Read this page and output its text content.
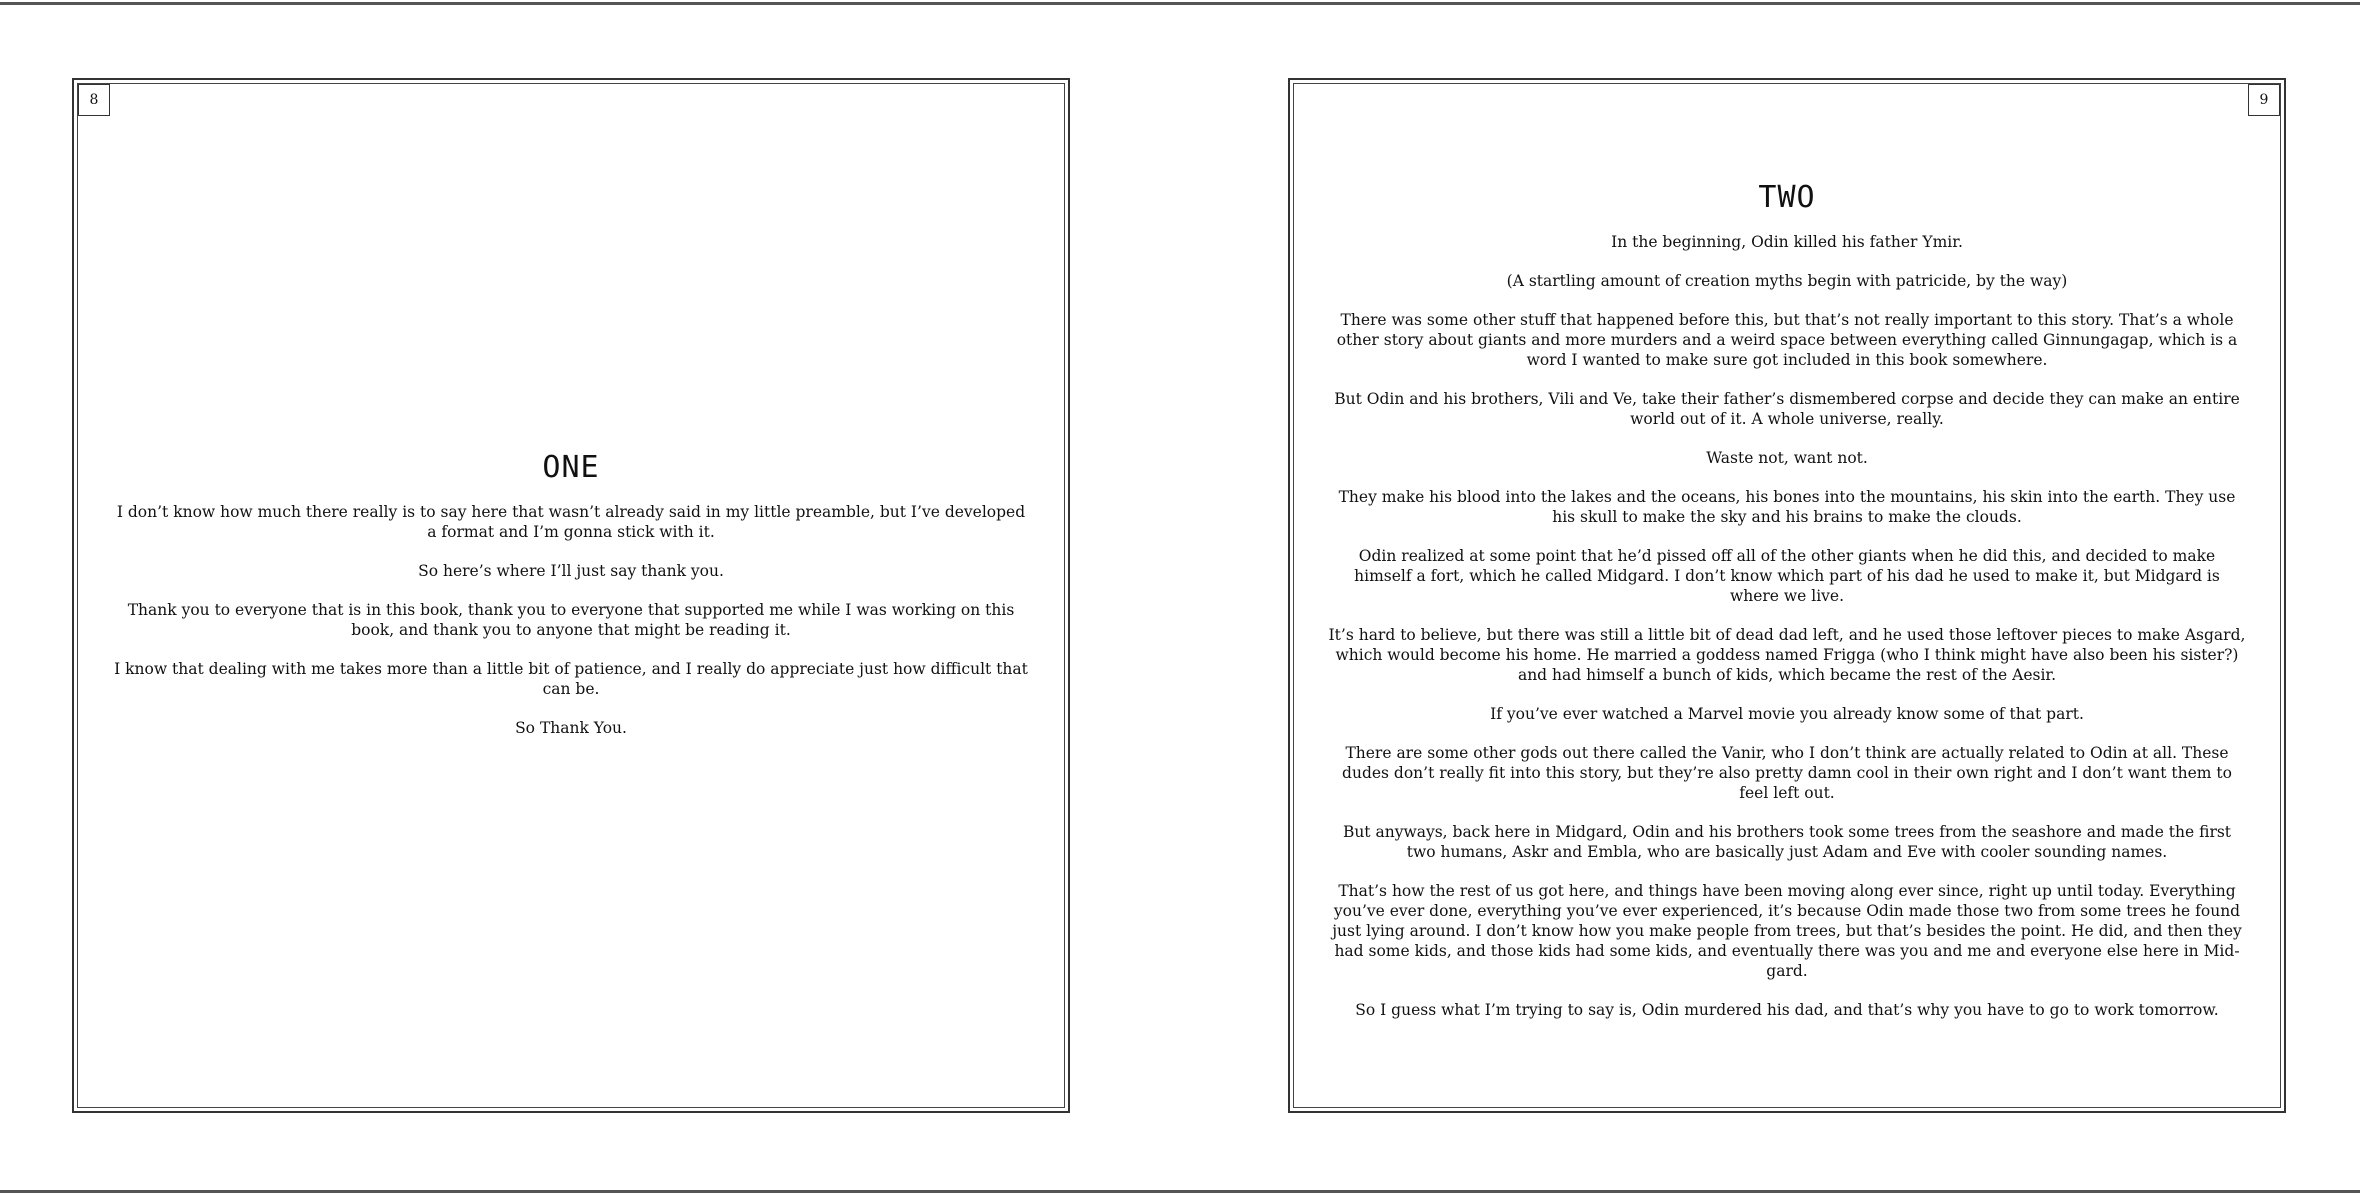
8
ONE

I don’t know how much there really is to say here that wasn’t already said in my little preamble, but I’ve developed a format and I’m gonna stick with it.

So here’s where I’ll just say thank you.

Thank you to everyone that is in this book, thank you to everyone that supported me while I was working on this book, and thank you to anyone that might be reading it.

I know that dealing with me takes more than a little bit of patience, and I really do appreciate just how difficult that can be.

So Thank You.

9
TWO

In the beginning, Odin killed his father Ymir.

(A startling amount of creation myths begin with patricide, by the way)

There was some other stuff that happened before this, but that’s not really important to this story. That’s a whole other story about giants and more murders and a weird space between everything called Ginnungagap, which is a word I wanted to make sure got included in this book somewhere.

But Odin and his brothers, Vili and Ve, take their father’s dismembered corpse and decide they can make an entire world out of it. A whole universe, really.

Waste not, want not.

They make his blood into the lakes and the oceans, his bones into the mountains, his skin into the earth. They use his skull to make the sky and his brains to make the clouds.

Odin realized at some point that he’d pissed off all of the other giants when he did this, and decided to make himself a fort, which he called Midgard. I don’t know which part of his dad he used to make it, but Midgard is where we live.

It’s hard to believe, but there was still a little bit of dead dad left, and he used those leftover pieces to make Asgard, which would become his home. He married a goddess named Frigga (who I think might have also been his sister?) and had himself a bunch of kids, which became the rest of the Aesir.

If you’ve ever watched a Marvel movie you already know some of that part.

There are some other gods out there called the Vanir, who I don’t think are actually related to Odin at all. These dudes don’t really fit into this story, but they’re also pretty damn cool in their own right and I don’t want them to feel left out.

But anyways, back here in Midgard, Odin and his brothers took some trees from the seashore and made the first two humans, Askr and Embla, who are basically just Adam and Eve with cooler sounding names.

That’s how the rest of us got here, and things have been moving along ever since, right up until today. Everything you’ve ever done, everything you’ve ever experienced, it’s because Odin made those two from some trees he found just lying around. I don’t know how you make people from trees, but that’s besides the point. He did, and then they had some kids, and those kids had some kids, and eventually there was you and me and everyone else here in Mid-gard.

So I guess what I’m trying to say is, Odin murdered his dad, and that’s why you have to go to work tomorrow.
